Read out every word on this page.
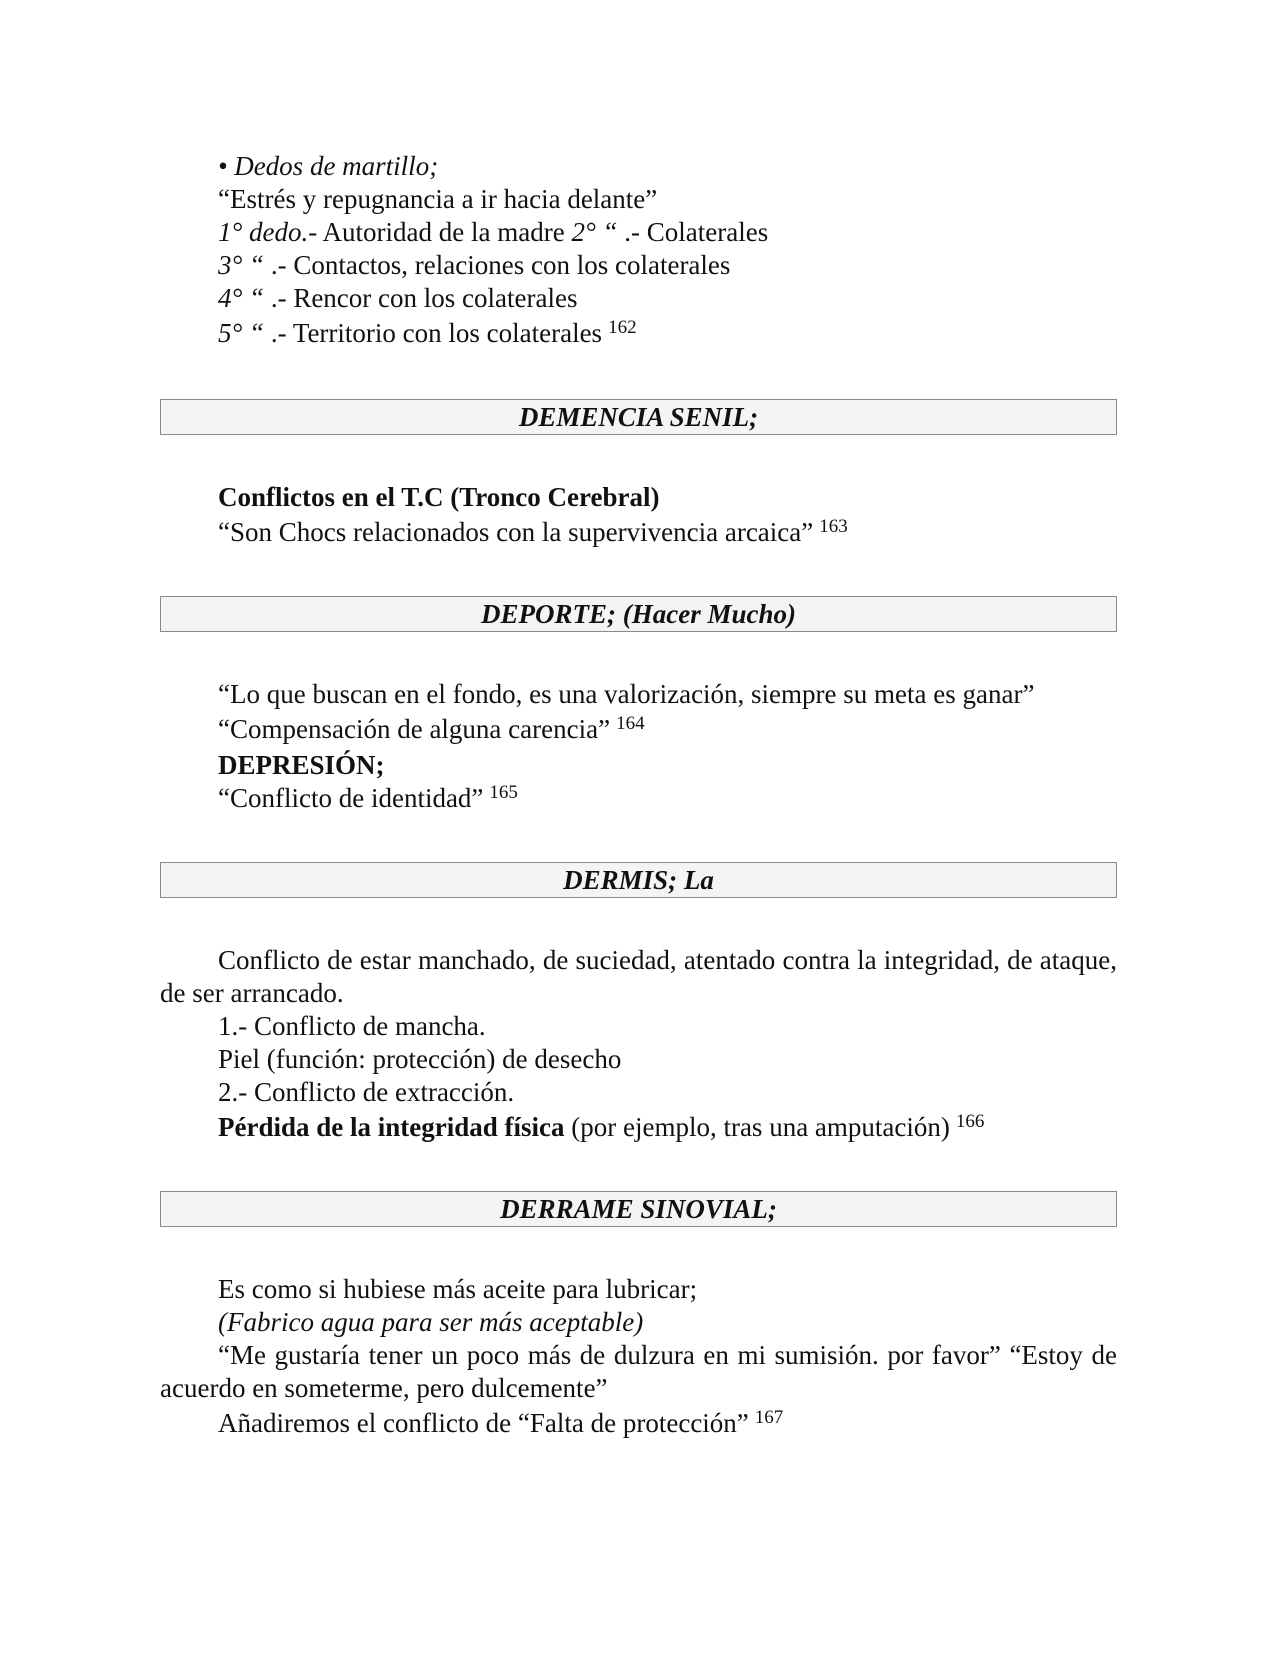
• Dedos de martillo;
“Estrés y repugnancia a ir hacia delante”
1° dedo.- Autoridad de la madre 2° “ .- Colaterales
3° “ .- Contactos, relaciones con los colaterales
4° “ .- Rencor con los colaterales
5° “ .- Territorio con los colaterales $^{162}$
DEMENCIA SENIL;
Conflictos en el T.C (Tronco Cerebral)
“Son Chocs relacionados con la supervivencia arcaica” $^{163}$
DEPORTE; (Hacer Mucho)
“Lo que buscan en el fondo, es una valorización, siempre su meta es ganar”
“Compensación de alguna carencia” $^{164}$
DEPRESIÓN;
“Conflicto de identidad” $^{165}$
DERMIS; La
Conflicto de estar manchado, de suciedad, atentado contra la integridad, de ataque, de ser arrancado.
1.- Conflicto de mancha.
Piel (función: protección) de desecho
2.- Conflicto de extracción.
Pérdida de la integridad física (por ejemplo, tras una amputación) $^{166}$
DERRAME SINOVIAL;
Es como si hubiese más aceite para lubricar;
(Fabrico agua para ser más aceptable)
“Me gustaría tener un poco más de dulzura en mi sumisión. por favor” “Estoy de acuerdo en someterme, pero dulcemente”
Añadiremos el conflicto de “Falta de protección” $^{167}$
